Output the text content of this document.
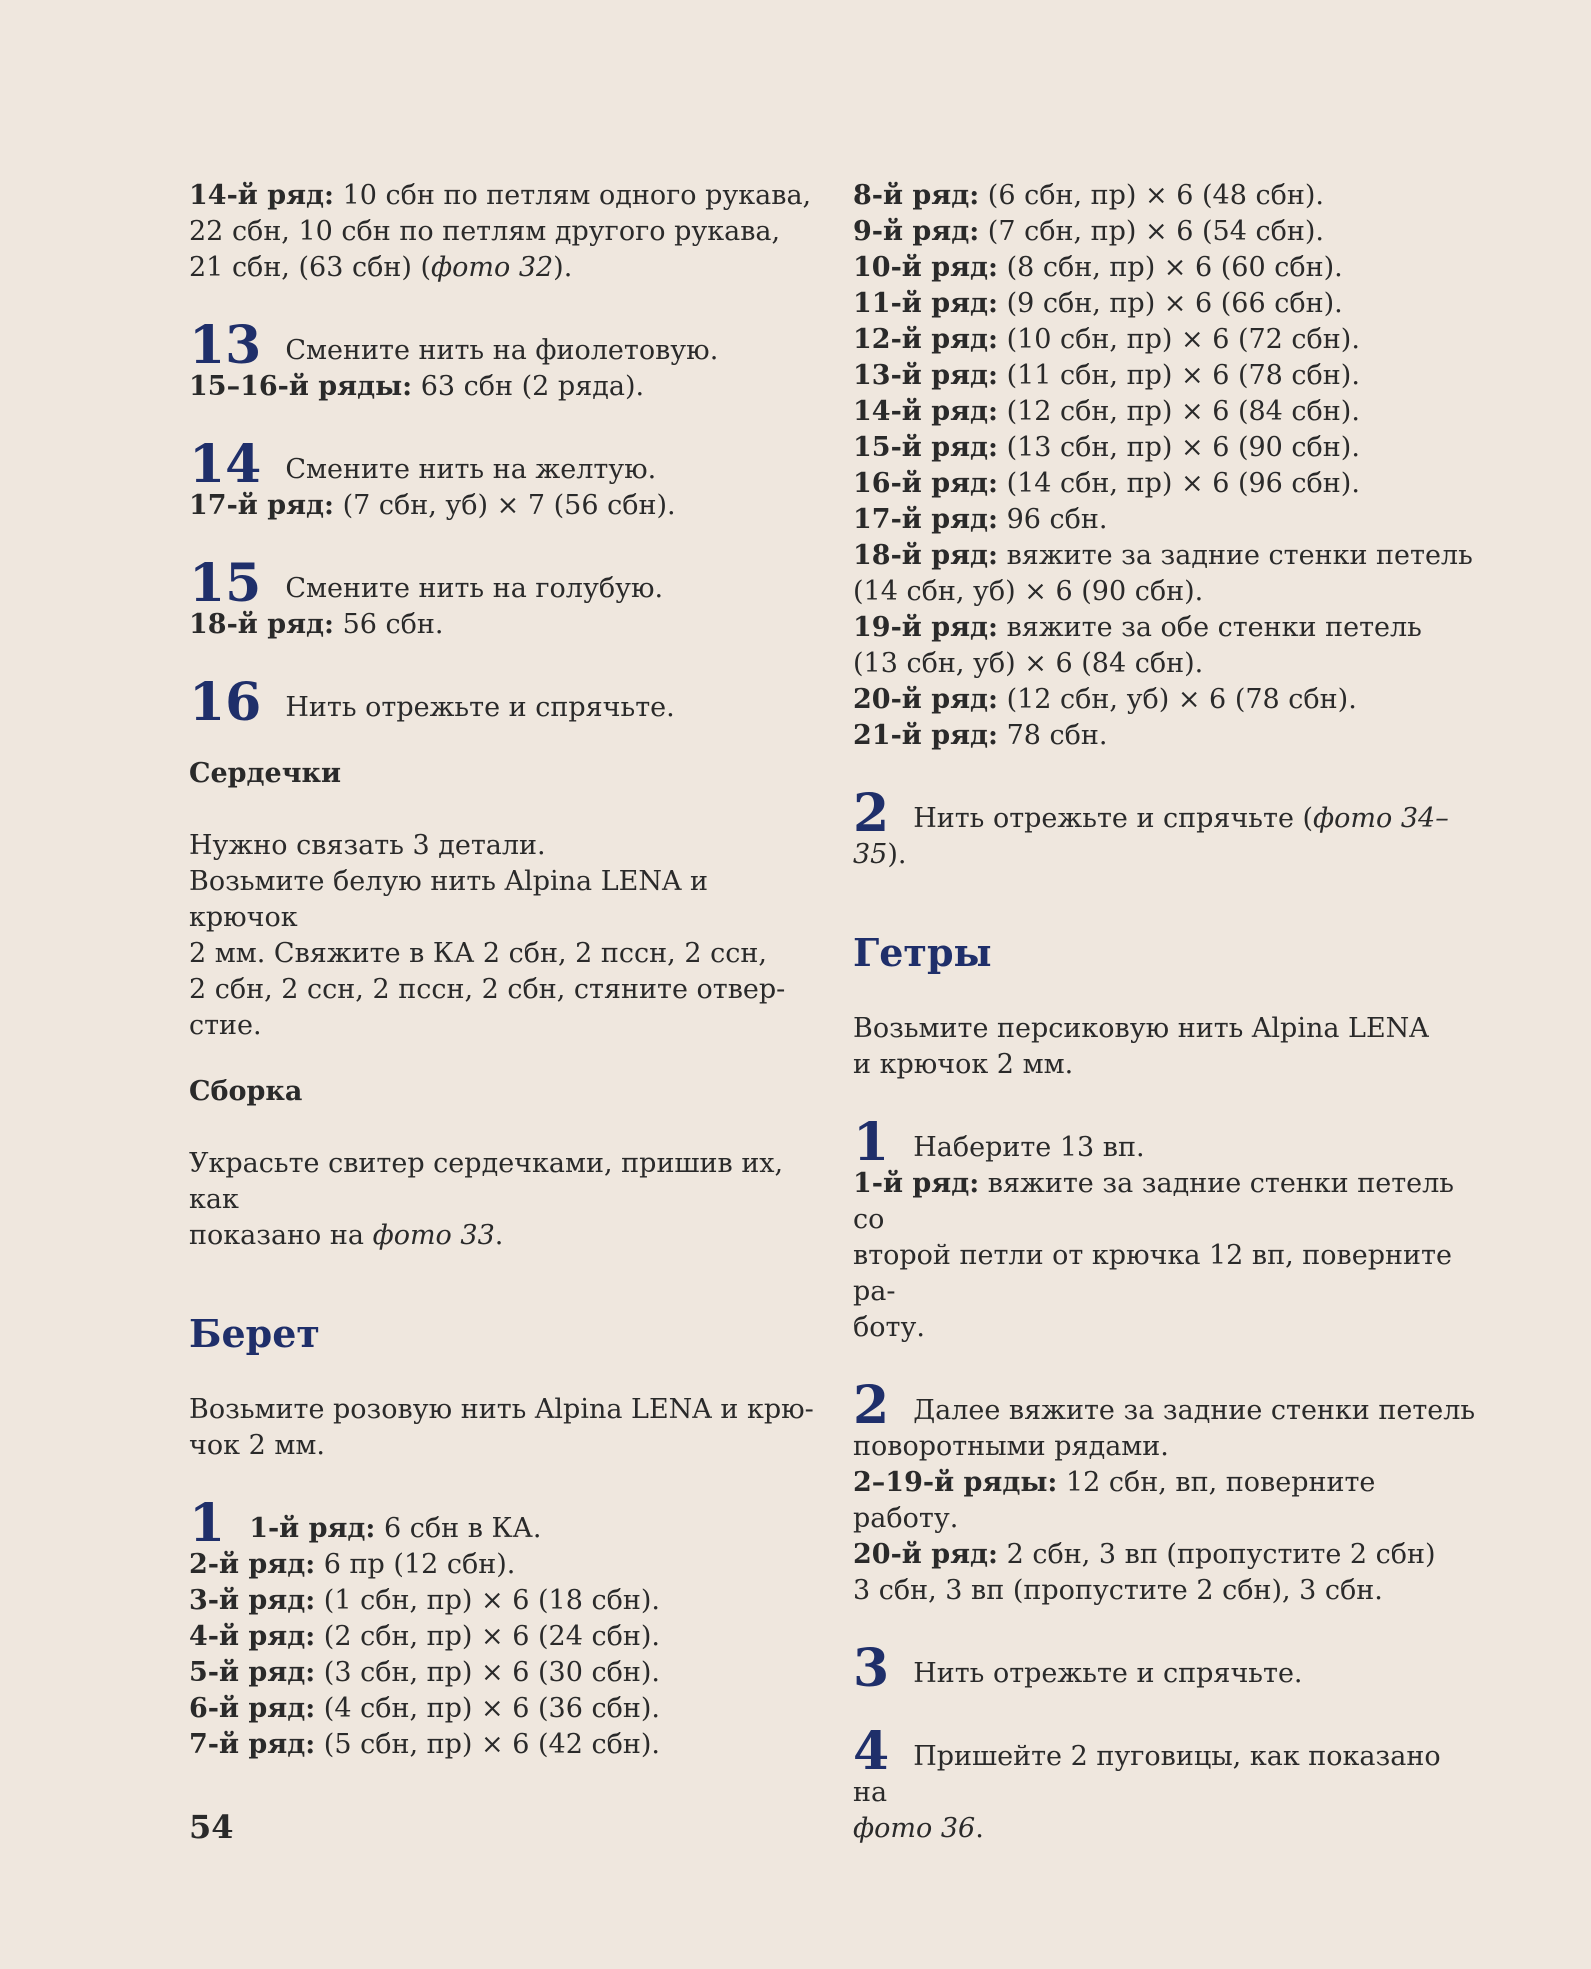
14-й ряд: 10 сбн по петлям одного рукава,

22 сбн, 10 сбн по петлям другого рукава,

21 сбн, (63 сбн) (фото 32).

13 Смените нить на фиолетовую.

15–16-й ряды: 63 сбн (2 ряда).

14 Смените нить на желтую.

17-й ряд: (7 сбн, уб) × 7 (56 сбн).

15 Смените нить на голубую.

18-й ряд: 56 сбн.

16 Нить отрежьте и спрячьте.

Сердечки

Нужно связать 3 детали.

Возьмите белую нить Alpina LENA и крючок

2 мм. Свяжите в КА 2 сбн, 2 пссн, 2 ссн,

2 сбн, 2 ссн, 2 пссн, 2 сбн, стяните отвер-

стие.

Сборка

Украсьте свитер сердечками, пришив их, как

показано на фото 33.

Берет

Возьмите розовую нить Alpina LENA и крю-

чок 2 мм.

1 1-й ряд: 6 сбн в КА.

2-й ряд: 6 пр (12 сбн).

3-й ряд: (1 сбн, пр) × 6 (18 сбн).

4-й ряд: (2 сбн, пр) × 6 (24 сбн).

5-й ряд: (3 сбн, пр) × 6 (30 сбн).

6-й ряд: (4 сбн, пр) × 6 (36 сбн).

7-й ряд: (5 сбн, пр) × 6 (42 сбн).

8-й ряд: (6 сбн, пр) × 6 (48 сбн).

9-й ряд: (7 сбн, пр) × 6 (54 сбн).

10-й ряд: (8 сбн, пр) × 6 (60 сбн).

11-й ряд: (9 сбн, пр) × 6 (66 сбн).

12-й ряд: (10 сбн, пр) × 6 (72 сбн).

13-й ряд: (11 сбн, пр) × 6 (78 сбн).

14-й ряд: (12 сбн, пр) × 6 (84 сбн).

15-й ряд: (13 сбн, пр) × 6 (90 сбн).

16-й ряд: (14 сбн, пр) × 6 (96 сбн).

17-й ряд: 96 сбн.

18-й ряд: вяжите за задние стенки петель

(14 сбн, уб) × 6 (90 сбн).

19-й ряд: вяжите за обе стенки петель

(13 сбн, уб) × 6 (84 сбн).

20-й ряд: (12 сбн, уб) × 6 (78 сбн).

21-й ряд: 78 сбн.

2 Нить отрежьте и спрячьте (фото 34–

35).

Гетры

Возьмите персиковую нить Alpina LENA

и крючок 2 мм.

1 Наберите 13 вп.

1-й ряд: вяжите за задние стенки петель со

второй петли от крючка 12 вп, поверните ра-

боту.

2 Далее вяжите за задние стенки петель

поворотными рядами.

2–19-й ряды: 12 сбн, вп, поверните работу.

20-й ряд: 2 сбн, 3 вп (пропустите 2 сбн)

3 сбн, 3 вп (пропустите 2 сбн), 3 сбн.

3 Нить отрежьте и спрячьте.

4 Пришейте 2 пуговицы, как показано на

фото 36.

54
